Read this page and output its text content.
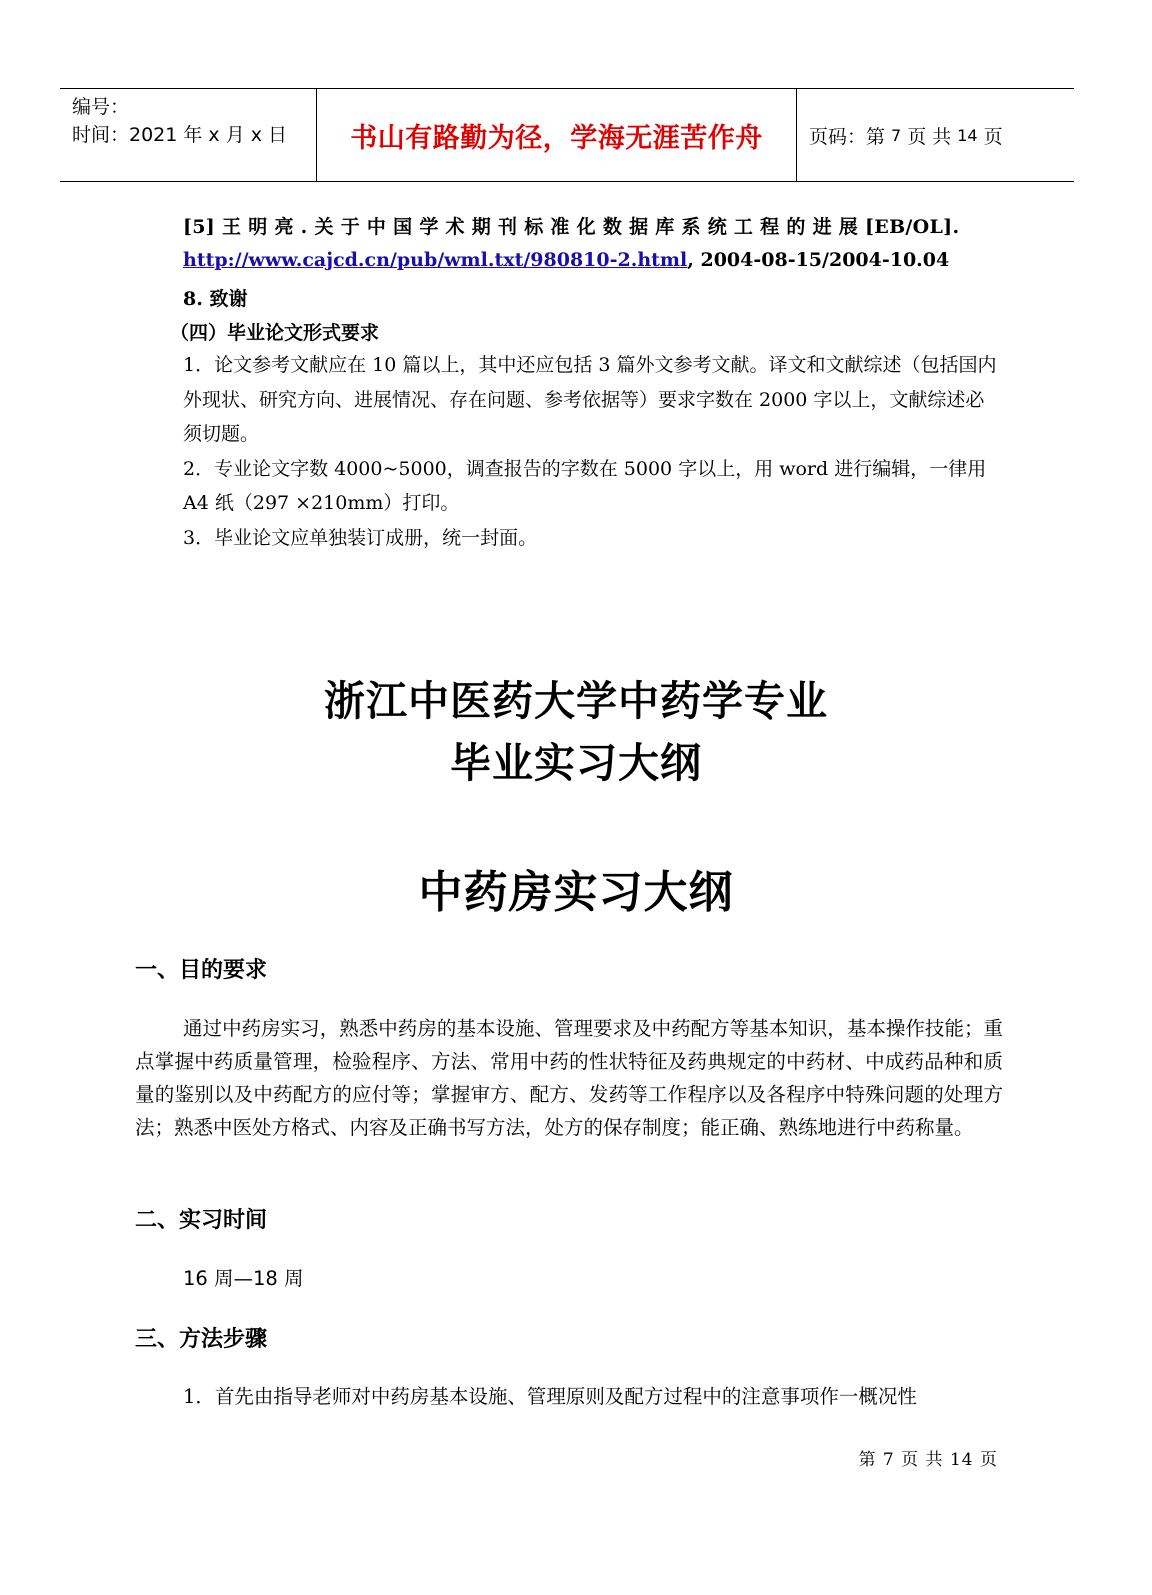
编号：
时间：2021 年 x 月 x 日	书山有路勤为径，学海无涯苦作舟	页码：第 7 页 共 14 页
[5] 王 明 亮 . 关 于 中 国 学 术 期 刊 标 准 化 数 据 库 系 统 工 程 的 进 展 [EB/OL].
http://www.cajcd.cn/pub/wml.txt/980810-2.html, 2004-08-15/2004-10.04
8. 致谢
（四）毕业论文形式要求
1．论文参考文献应在 10 篇以上，其中还应包括 3 篇外文参考文献。译文和文献综述（包括国内外现状、研究方向、进展情况、存在问题、参考依据等）要求字数在 2000 字以上，文献综述必须切题。
2．专业论文字数 4000~5000，调查报告的字数在 5000 字以上，用 word 进行编辑，一律用 A4 纸（297 ×210mm）打印。
3．毕业论文应单独装订成册，统一封面。
浙江中医药大学中药学专业
毕业实习大纲
中药房实习大纲
一、目的要求
通过中药房实习，熟悉中药房的基本设施、管理要求及中药配方等基本知识，基本操作技能；重点掌握中药质量管理，检验程序、方法、常用中药的性状特征及药典规定的中药材、中成药品种和质量的鉴别以及中药配方的应付等；掌握审方、配方、发药等工作程序以及各程序中特殊问题的处理方法；熟悉中医处方格式、内容及正确书写方法，处方的保存制度；能正确、熟练地进行中药称量。
二、实习时间
16 周—18 周
三、方法步骤
1．首先由指导老师对中药房基本设施、管理原则及配方过程中的注意事项作一概况性
第 7 页 共 14 页
